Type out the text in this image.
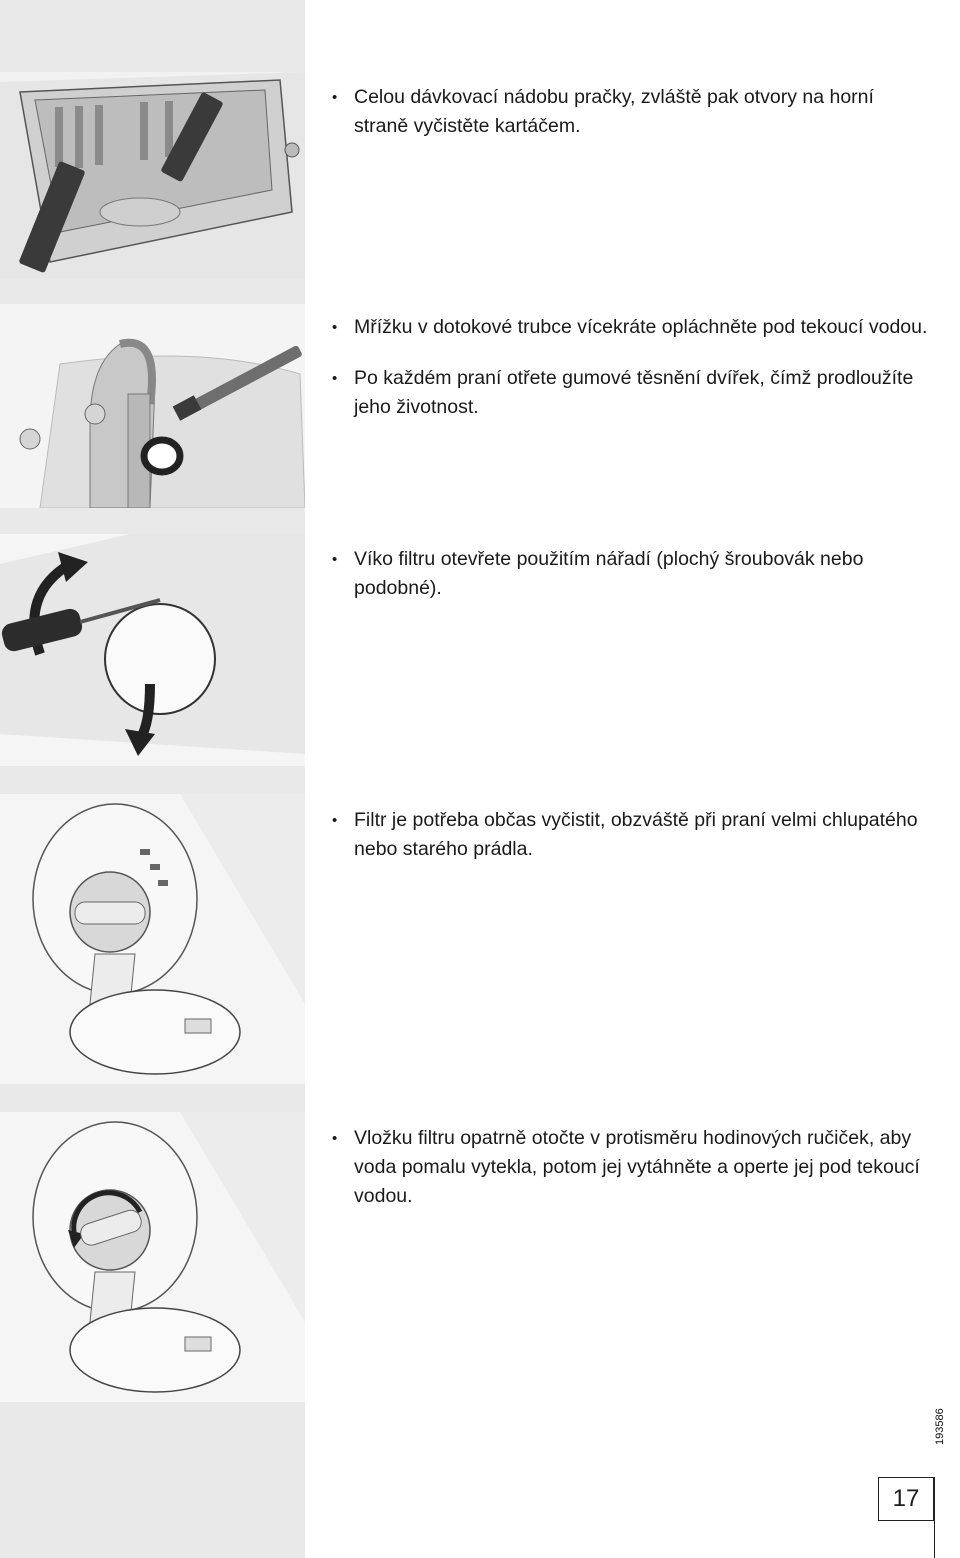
• Celou dávkovací nádobu pračky, zvláště pak otvory na horní straně vyčistěte kartáčem.

• Mřížku v dotokové trubce vícekráte opláchněte pod tekoucí vodou.

• Po každém praní otřete gumové těsnění dvířek, čímž prodloužíte jeho životnost.

• Víko filtru otevřete použitím nářadí (plochý šroubovák nebo podobné).

• Filtr je potřeba občas vyčistit, obzváště při praní velmi chlupatého nebo starého prádla.

• Vložku filtru opatrně otočte v protisměru hodinových ručiček, aby voda pomalu vytekla, potom jej vytáhněte a operte jej pod tekoucí vodou.

193586
17
